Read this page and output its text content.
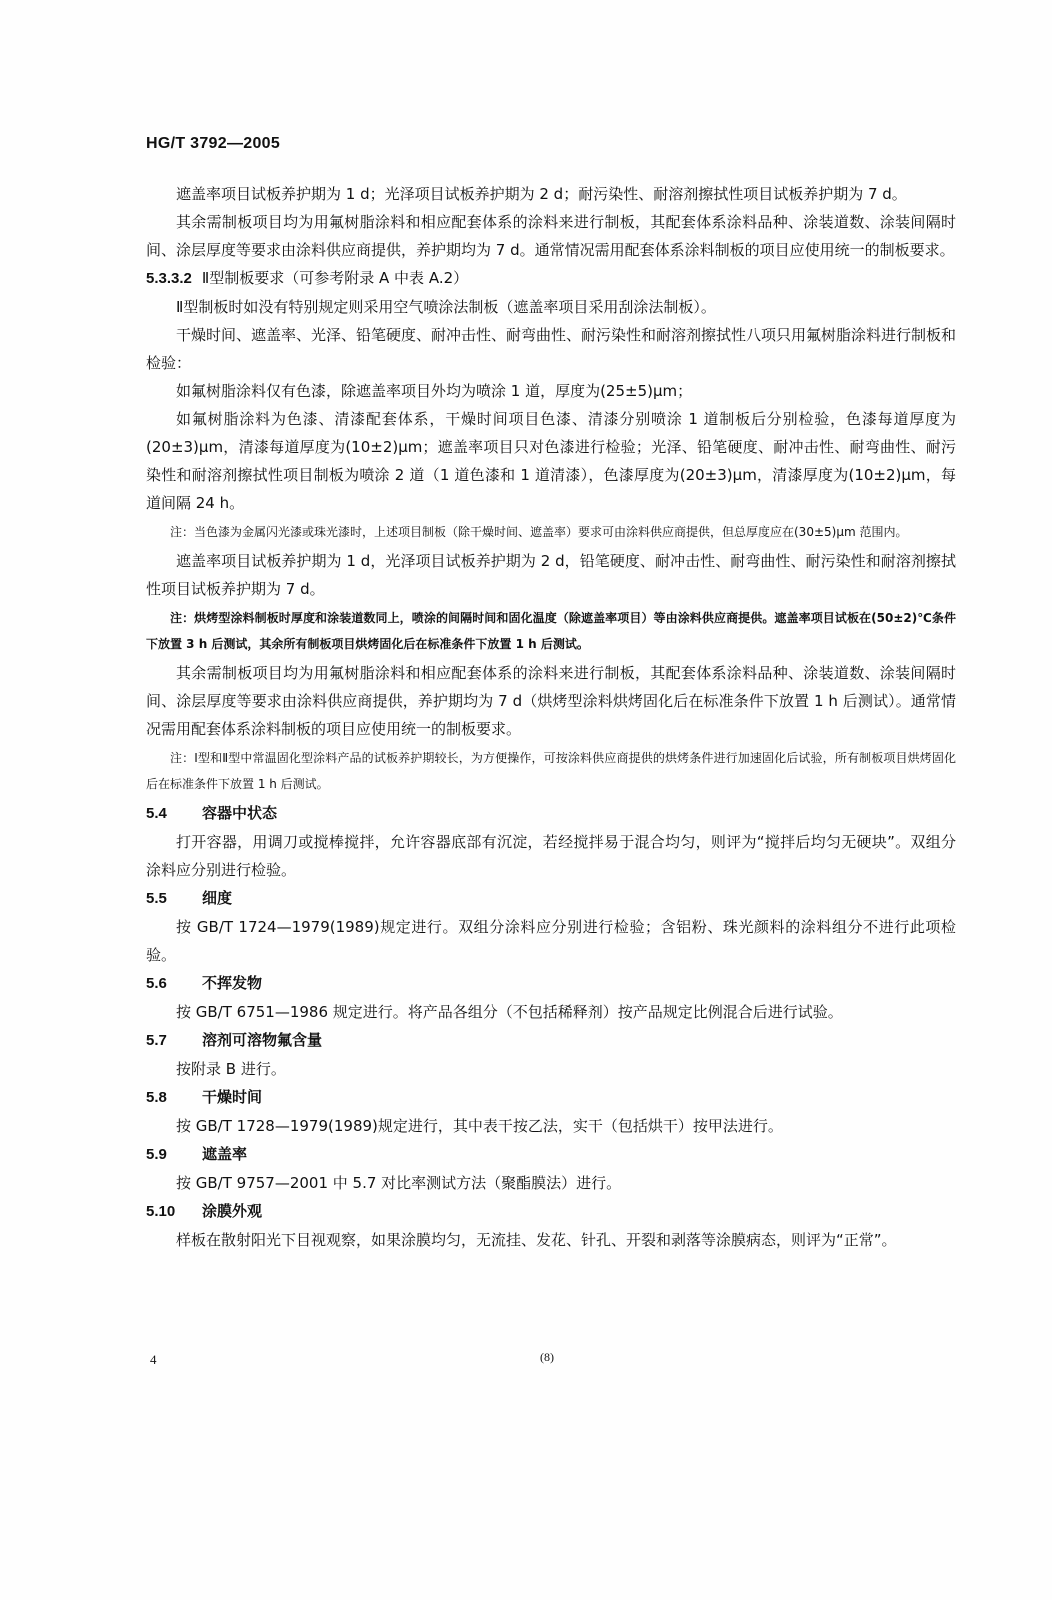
HG/T 3792—2005

遮盖率项目试板养护期为 1 d；光泽项目试板养护期为 2 d；耐污染性、耐溶剂擦拭性项目试板养护期为 7 d。

其余需制板项目均为用氟树脂涂料和相应配套体系的涂料来进行制板，其配套体系涂料品种、涂装道数、涂装间隔时间、涂层厚度等要求由涂料供应商提供，养护期均为 7 d。通常情况需用配套体系涂料制板的项目应使用统一的制板要求。

5.3.3.2 Ⅱ型制板要求（可参考附录 A 中表 A.2）

Ⅱ型制板时如没有特别规定则采用空气喷涂法制板（遮盖率项目采用刮涂法制板）。

干燥时间、遮盖率、光泽、铅笔硬度、耐冲击性、耐弯曲性、耐污染性和耐溶剂擦拭性八项只用氟树脂涂料进行制板和检验：

如氟树脂涂料仅有色漆，除遮盖率项目外均为喷涂 1 道，厚度为(25±5)μm；

如氟树脂涂料为色漆、清漆配套体系，干燥时间项目色漆、清漆分别喷涂 1 道制板后分别检验，色漆每道厚度为(20±3)μm，清漆每道厚度为(10±2)μm；遮盖率项目只对色漆进行检验；光泽、铅笔硬度、耐冲击性、耐弯曲性、耐污染性和耐溶剂擦拭性项目制板为喷涂 2 道（1 道色漆和 1 道清漆），色漆厚度为(20±3)μm，清漆厚度为(10±2)μm，每道间隔 24 h。

注：当色漆为金属闪光漆或珠光漆时，上述项目制板（除干燥时间、遮盖率）要求可由涂料供应商提供，但总厚度应在(30±5)μm 范围内。

遮盖率项目试板养护期为 1 d，光泽项目试板养护期为 2 d，铅笔硬度、耐冲击性、耐弯曲性、耐污染性和耐溶剂擦拭性项目试板养护期为 7 d。

注：烘烤型涂料制板时厚度和涂装道数同上，喷涂的间隔时间和固化温度（除遮盖率项目）等由涂料供应商提供。遮盖率项目试板在(50±2)℃条件下放置 3 h 后测试，其余所有制板项目烘烤固化后在标准条件下放置 1 h 后测试。

其余需制板项目均为用氟树脂涂料和相应配套体系的涂料来进行制板，其配套体系涂料品种、涂装道数、涂装间隔时间、涂层厚度等要求由涂料供应商提供，养护期均为 7 d（烘烤型涂料烘烤固化后在标准条件下放置 1 h 后测试）。通常情况需用配套体系涂料制板的项目应使用统一的制板要求。

注：Ⅰ型和Ⅱ型中常温固化型涂料产品的试板养护期较长，为方便操作，可按涂料供应商提供的烘烤条件进行加速固化后试验，所有制板项目烘烤固化后在标准条件下放置 1 h 后测试。

5.4 容器中状态

打开容器，用调刀或搅棒搅拌，允许容器底部有沉淀，若经搅拌易于混合均匀，则评为“搅拌后均匀无硬块”。双组分涂料应分别进行检验。

5.5 细度

按 GB/T 1724—1979(1989)规定进行。双组分涂料应分别进行检验；含铝粉、珠光颜料的涂料组分不进行此项检验。

5.6 不挥发物

按 GB/T 6751—1986 规定进行。将产品各组分（不包括稀释剂）按产品规定比例混合后进行试验。

5.7 溶剂可溶物氟含量

按附录 B 进行。

5.8 干燥时间

按 GB/T 1728—1979(1989)规定进行，其中表干按乙法，实干（包括烘干）按甲法进行。

5.9 遮盖率

按 GB/T 9757—2001 中 5.7 对比率测试方法（聚酯膜法）进行。

5.10 涂膜外观

样板在散射阳光下目视观察，如果涂膜均匀，无流挂、发花、针孔、开裂和剥落等涂膜病态，则评为“正常”。

4	(8)
